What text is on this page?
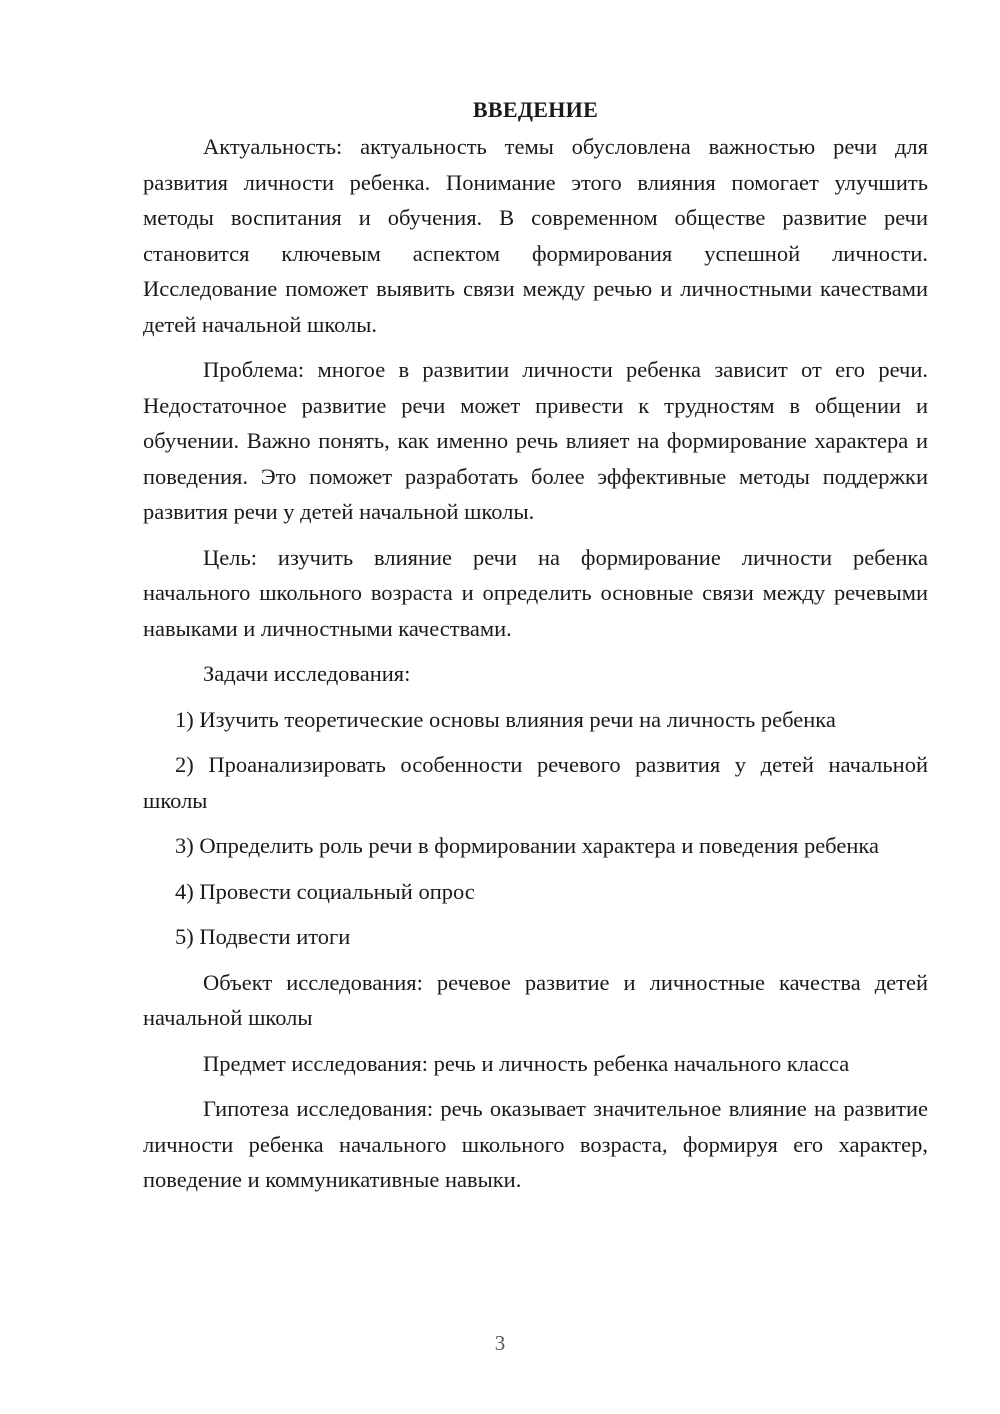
ВВЕДЕНИЕ

Актуальность: актуальность темы обусловлена важностью речи для развития личности ребенка. Понимание этого влияния помогает улучшить методы воспитания и обучения. В современном обществе развитие речи становится ключевым аспектом формирования успешной личности. Исследование поможет выявить связи между речью и личностными качествами детей начальной школы.

Проблема: многое в развитии личности ребенка зависит от его речи. Недостаточное развитие речи может привести к трудностям в общении и обучении. Важно понять, как именно речь влияет на формирование характера и поведения. Это поможет разработать более эффективные методы поддержки развития речи у детей начальной школы.

Цель: изучить влияние речи на формирование личности ребенка начального школьного возраста и определить основные связи между речевыми навыками и личностными качествами.

Задачи исследования:

1) Изучить теоретические основы влияния речи на личность ребенка

2) Проанализировать особенности речевого развития у детей начальной школы

3) Определить роль речи в формировании характера и поведения ребенка

4) Провести социальный опрос

5) Подвести итоги

Объект исследования: речевое развитие и личностные качества детей начальной школы

Предмет исследования: речь и личность ребенка начального класса

Гипотеза исследования: речь оказывает значительное влияние на развитие личности ребенка начального школьного возраста, формируя его характер, поведение и коммуникативные навыки.

3
